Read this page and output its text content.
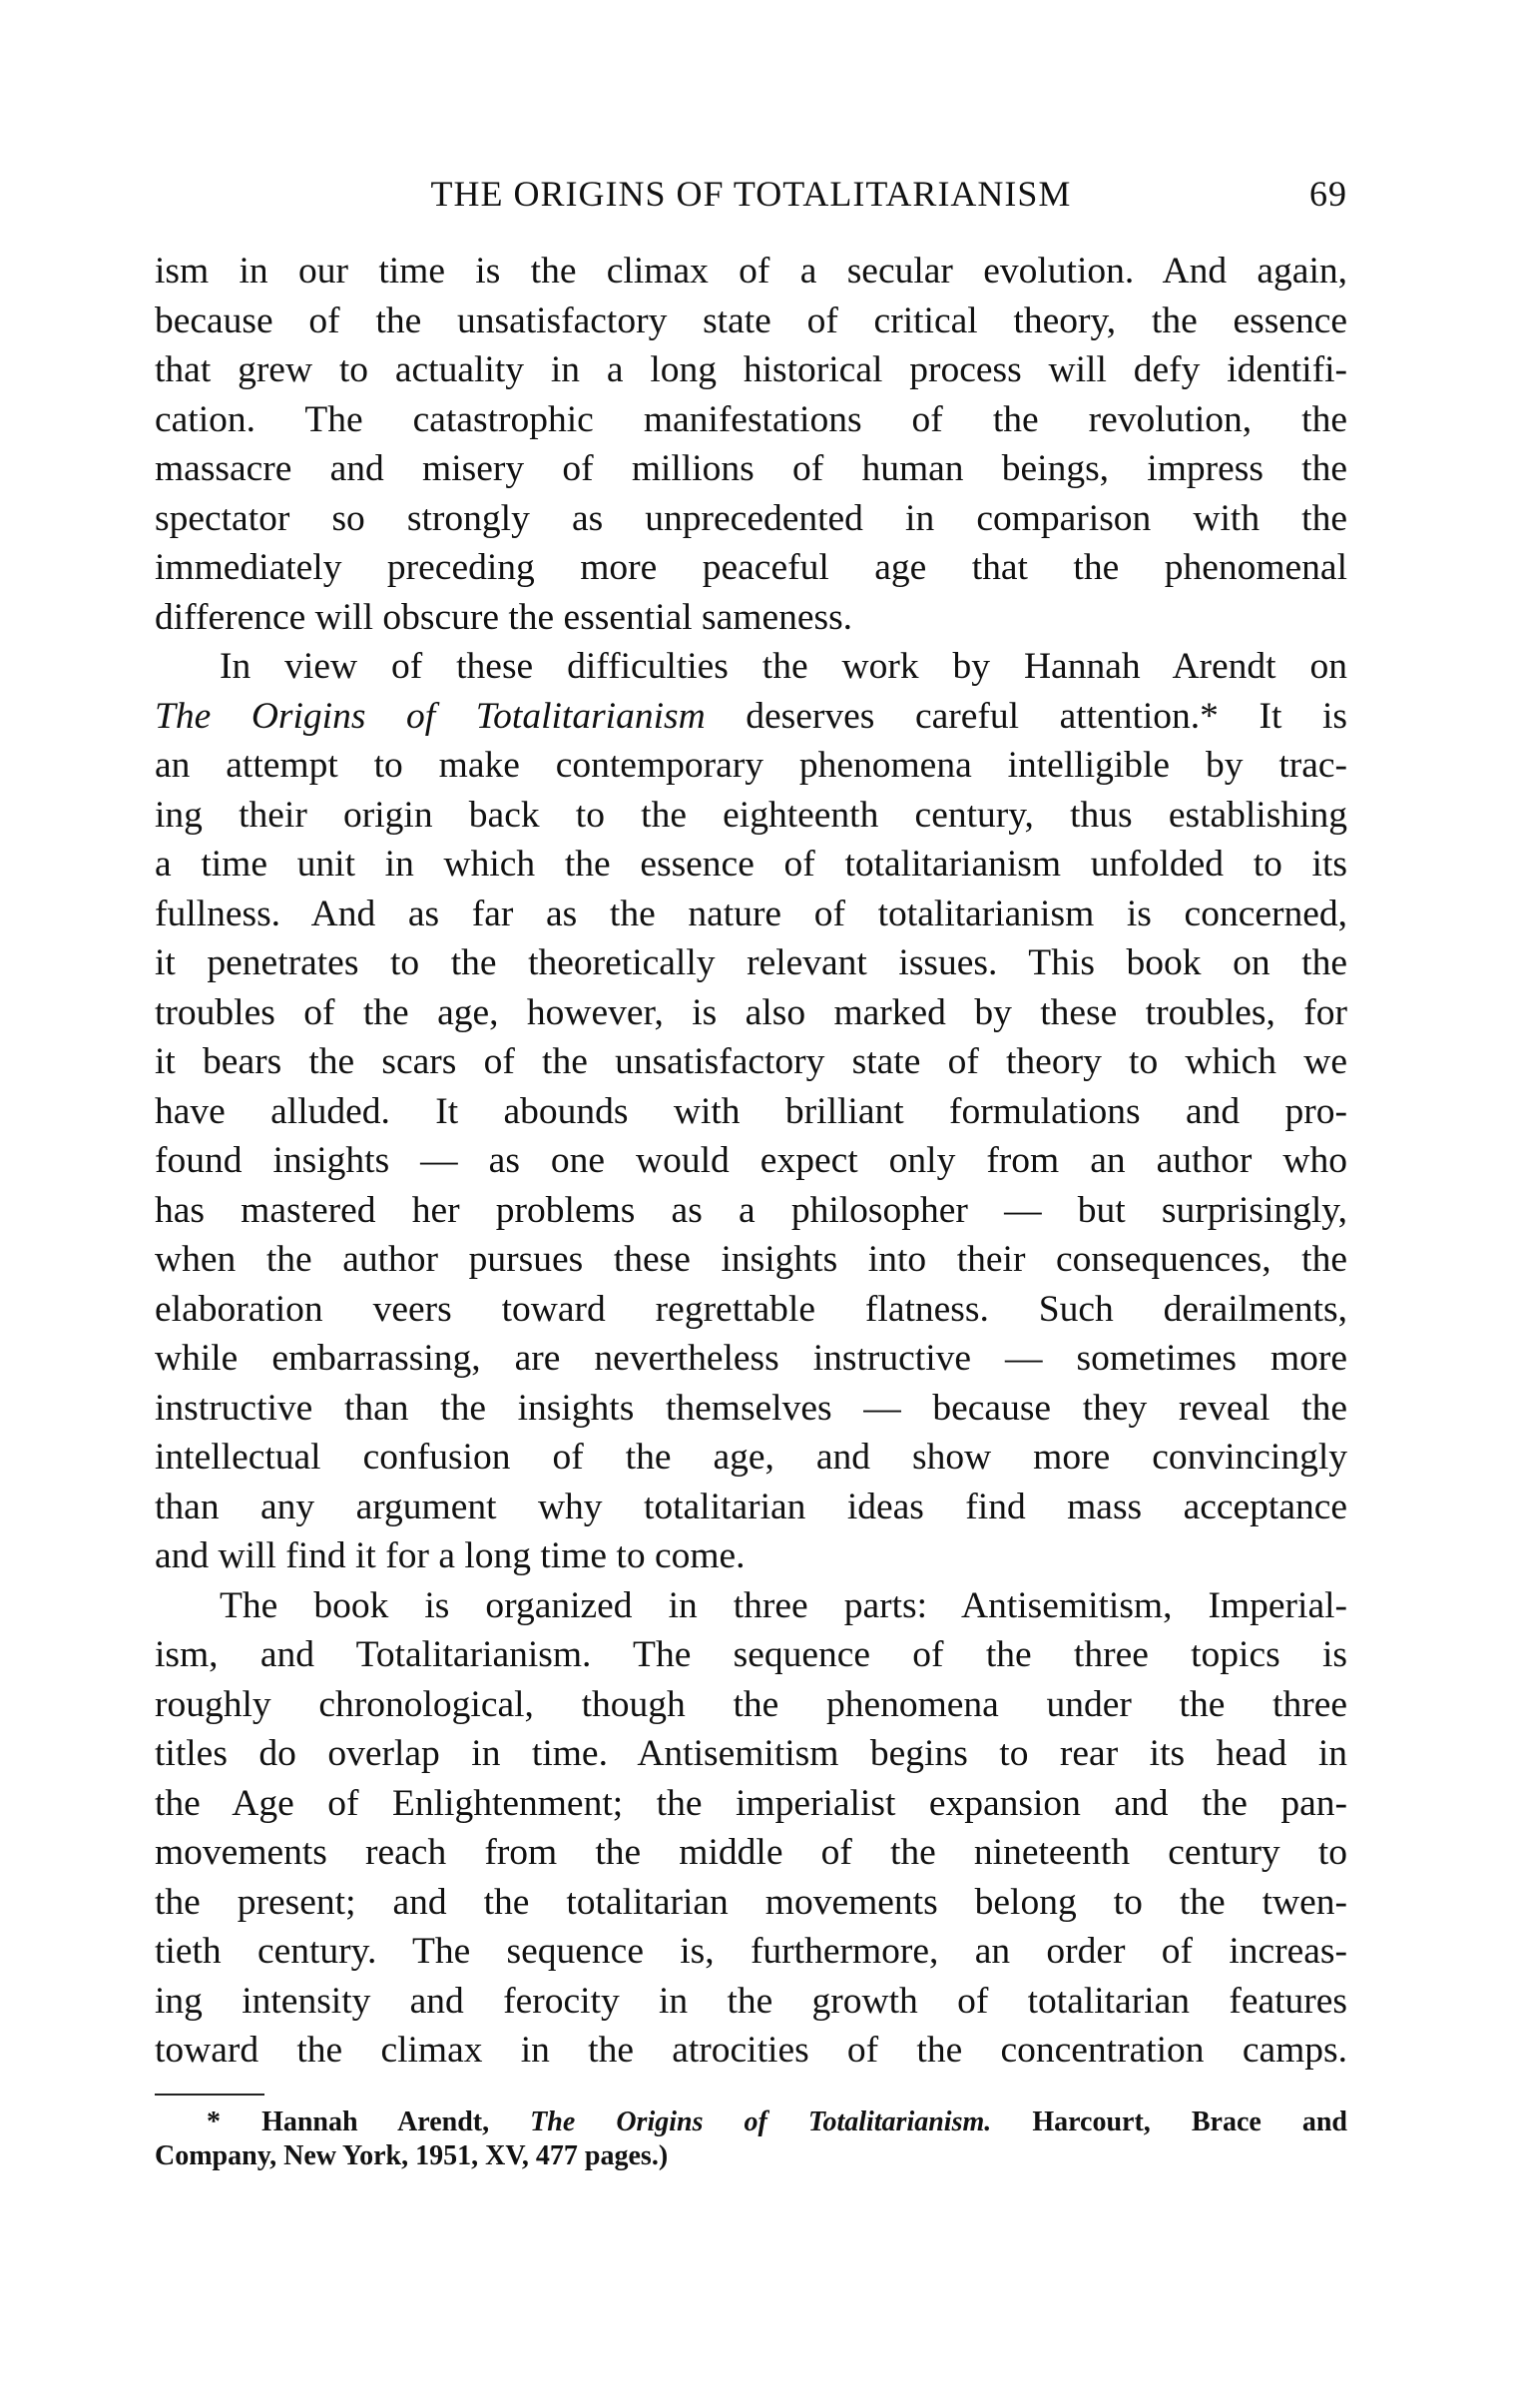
THE ORIGINS OF TOTALITARIANISM	69

ism in our time is the climax of a secular evolution. And again,
because of the unsatisfactory state of critical theory, the essence
that grew to actuality in a long historical process will defy identifi-
cation. The catastrophic manifestations of the revolution, the
massacre and misery of millions of human beings, impress the
spectator so strongly as unprecedented in comparison with the
immediately preceding more peaceful age that the phenomenal
difference will obscure the essential sameness.

In view of these difficulties the work by Hannah Arendt on
The Origins of Totalitarianism deserves careful attention.* It is
an attempt to make contemporary phenomena intelligible by trac-
ing their origin back to the eighteenth century, thus establishing
a time unit in which the essence of totalitarianism unfolded to its
fullness. And as far as the nature of totalitarianism is concerned,
it penetrates to the theoretically relevant issues. This book on the
troubles of the age, however, is also marked by these troubles, for
it bears the scars of the unsatisfactory state of theory to which we
have alluded. It abounds with brilliant formulations and pro-
found insights — as one would expect only from an author who
has mastered her problems as a philosopher — but surprisingly,
when the author pursues these insights into their consequences, the
elaboration veers toward regrettable flatness. Such derailments,
while embarrassing, are nevertheless instructive — sometimes more
instructive than the insights themselves — because they reveal the
intellectual confusion of the age, and show more convincingly
than any argument why totalitarian ideas find mass acceptance
and will find it for a long time to come.

The book is organized in three parts: Antisemitism, Imperial-
ism, and Totalitarianism. The sequence of the three topics is
roughly chronological, though the phenomena under the three
titles do overlap in time. Antisemitism begins to rear its head in
the Age of Enlightenment; the imperialist expansion and the pan-
movements reach from the middle of the nineteenth century to
the present; and the totalitarian movements belong to the twen-
tieth century. The sequence is, furthermore, an order of increas-
ing intensity and ferocity in the growth of totalitarian features
toward the climax in the atrocities of the concentration camps.

* Hannah Arendt, The Origins of Totalitarianism. Harcourt, Brace and
Company, New York, 1951, XV, 477 pages.)
